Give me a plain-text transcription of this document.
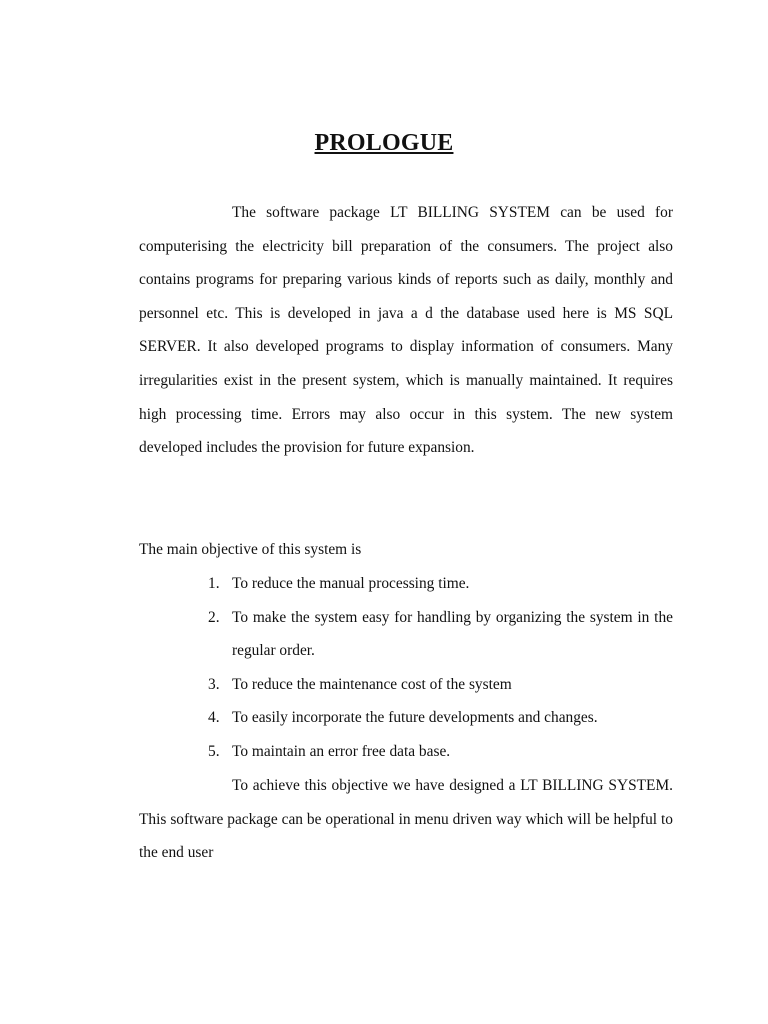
PROLOGUE

The software package LT BILLING SYSTEM can be used for computerising the electricity bill preparation of the consumers. The project also contains programs for preparing various kinds of reports such as daily, monthly and personnel etc. This is developed in java a d the database used here is MS SQL SERVER. It also developed programs to display information of consumers. Many irregularities exist in the present system, which is manually maintained. It requires high processing time. Errors may also occur in this system. The new system developed includes the provision for future expansion.

The main objective of this system is
1. To reduce the manual processing time.
2. To make the system easy for handling by organizing the system in the regular order.
3. To reduce the maintenance cost of the system
4. To easily incorporate the future developments and changes.
5. To maintain an error free data base.

To achieve this objective we have designed a LT BILLING SYSTEM. This software package can be operational in menu driven way which will be helpful to the end user
